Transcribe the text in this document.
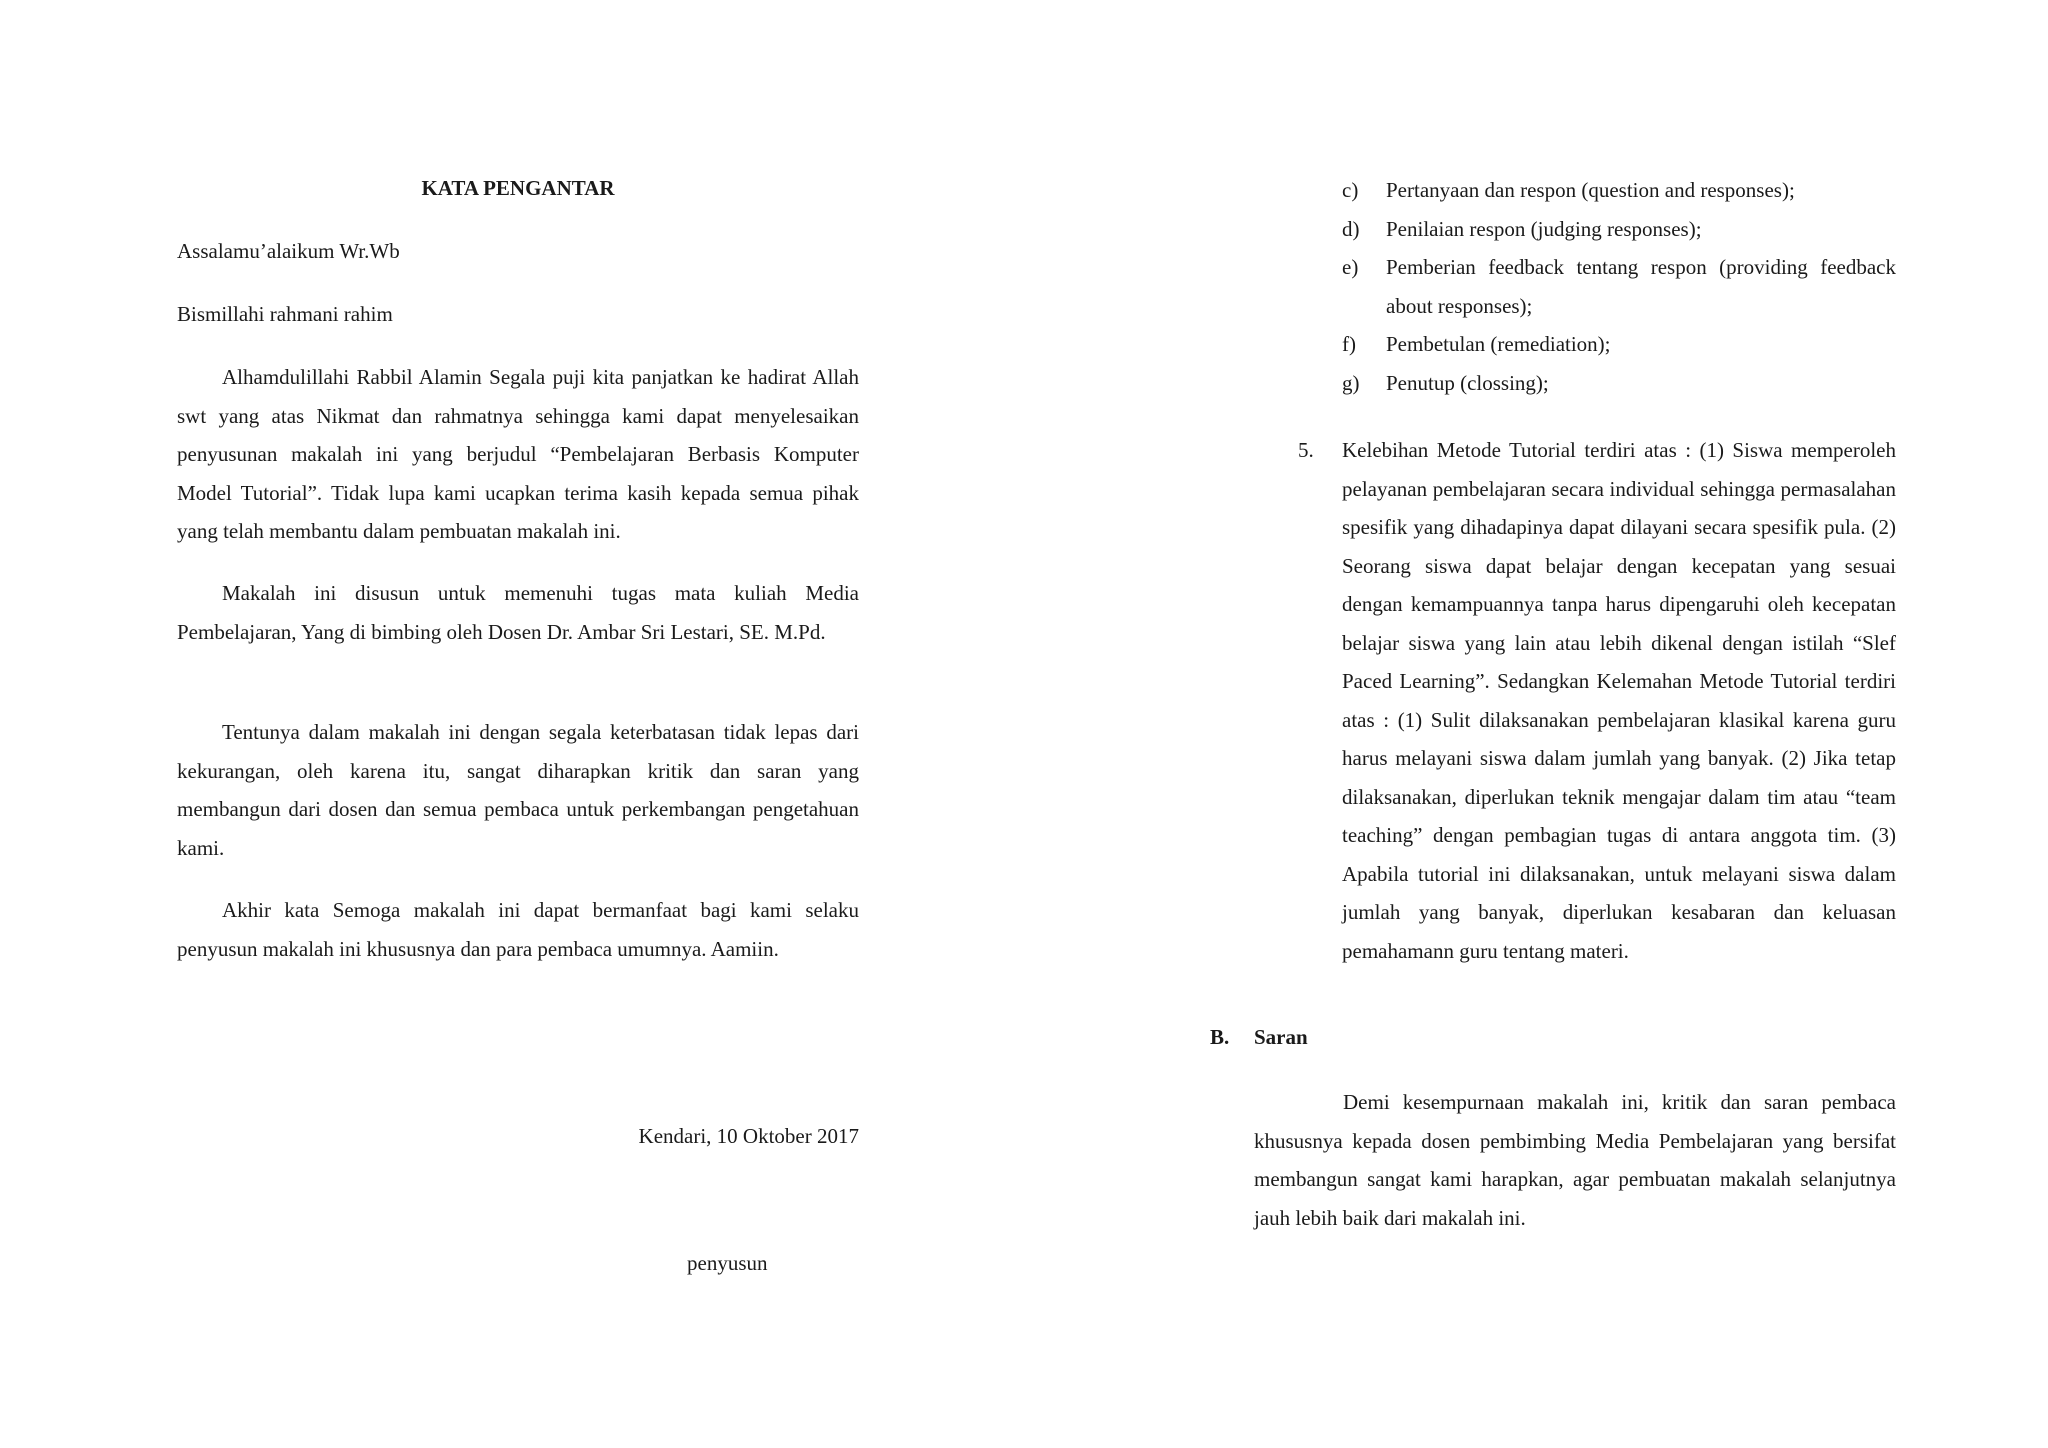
KATA PENGANTAR
Assalamu’alaikum Wr.Wb
Bismillahi rahmani rahim

Alhamdulillahi Rabbil Alamin Segala puji kita panjatkan ke hadirat Allah swt yang atas Nikmat dan rahmatnya sehingga kami dapat menyelesaikan penyusunan makalah ini yang berjudul “Pembelajaran Berbasis Komputer Model Tutorial”. Tidak lupa kami ucapkan terima kasih kepada semua pihak yang telah membantu dalam pembuatan makalah ini.

Makalah ini disusun untuk memenuhi tugas mata kuliah Media Pembelajaran, Yang di bimbing oleh Dosen Dr. Ambar Sri Lestari, SE. M.Pd.

Tentunya dalam makalah ini dengan segala keterbatasan tidak lepas dari kekurangan, oleh karena itu, sangat diharapkan kritik dan saran yang membangun dari dosen dan semua pembaca untuk perkembangan pengetahuan kami.

Akhir kata Semoga makalah ini dapat bermanfaat bagi kami selaku penyusun makalah ini khususnya dan para pembaca umumnya. Aamiin.

Kendari, 10 Oktober 2017
penyusun
c) Pertanyaan dan respon (question and responses);
d) Penilaian respon (judging responses);
e) Pemberian feedback tentang respon (providing feedback about responses);
f) Pembetulan (remediation);
g) Penutup (clossing);
5. Kelebihan Metode Tutorial terdiri atas : (1) Siswa memperoleh pelayanan pembelajaran secara individual sehingga permasalahan spesifik yang dihadapinya dapat dilayani secara spesifik pula. (2) Seorang siswa dapat belajar dengan kecepatan yang sesuai dengan kemampuannya tanpa harus dipengaruhi oleh kecepatan belajar siswa yang lain atau lebih dikenal dengan istilah “Slef Paced Learning”. Sedangkan Kelemahan Metode Tutorial terdiri atas : (1) Sulit dilaksanakan pembelajaran klasikal karena guru harus melayani siswa dalam jumlah yang banyak. (2) Jika tetap dilaksanakan, diperlukan teknik mengajar dalam tim atau “team teaching” dengan pembagian tugas di antara anggota tim. (3) Apabila tutorial ini dilaksanakan, untuk melayani siswa dalam jumlah yang banyak, diperlukan kesabaran dan keluasan pemahamann guru tentang materi.
B. Saran

Demi kesempurnaan makalah ini, kritik dan saran pembaca khususnya kepada dosen pembimbing Media Pembelajaran yang bersifat membangun sangat kami harapkan, agar pembuatan makalah selanjutnya jauh lebih baik dari makalah ini.
